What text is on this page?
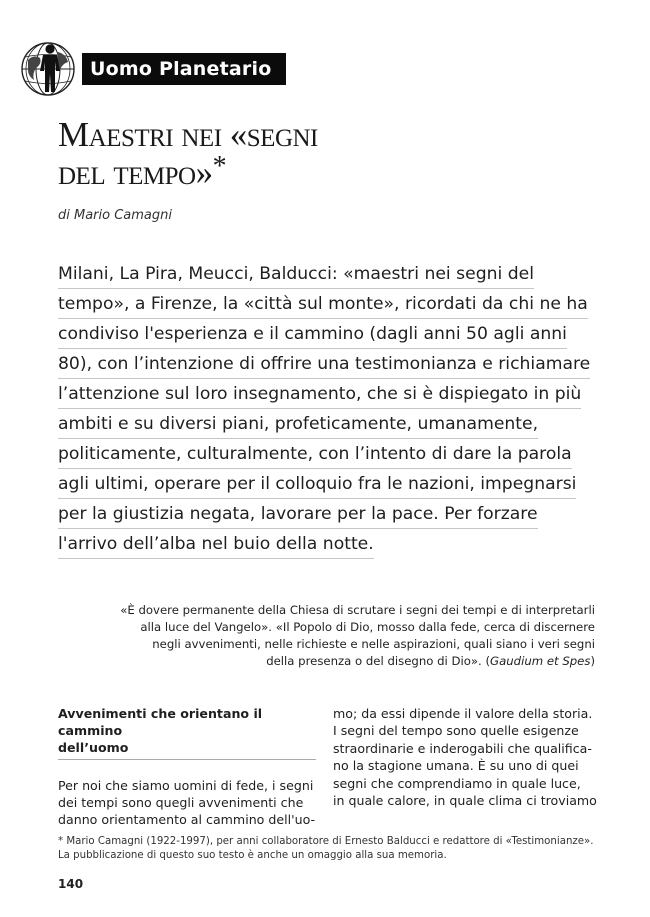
Uomo Planetario
Maestri nei «segni
del tempo»*
di Mario Camagni
Milani, La Pira, Meucci, Balducci: «maestri nei segni del
tempo», a Firenze, la «città sul monte», ricordati da chi ne ha
condiviso l'esperienza e il cammino (dagli anni 50 agli anni
80), con l’intenzione di offrire una testimonianza e richiamare
l’attenzione sul loro insegnamento, che si è dispiegato in più
ambiti e su diversi piani, profeticamente, umanamente,
politicamente, culturalmente, con l’intento di dare la parola
agli ultimi, operare per il colloquio fra le nazioni, impegnarsi
per la giustizia negata, lavorare per la pace. Per forzare
l'arrivo dell’alba nel buio della notte.

«È dovere permanente della Chiesa di scrutare i segni dei tempi e di interpretarli

alla luce del Vangelo». «Il Popolo di Dio, mosso dalla fede, cerca di discernere

negli avvenimenti, nelle richieste e nelle aspirazioni, quali siano i veri segni

della presenza o del disegno di Dio». (Gaudium et Spes)

Avvenimenti che orientano il cammino
dell’uomo

Per noi che siamo uomini di fede, i segni

dei tempi sono quegli avvenimenti che

danno orientamento al cammino dell'uo-

mo; da essi dipende il valore della storia.

I segni del tempo sono quelle esigenze

straordinarie e inderogabili che qualifica-

no la stagione umana. È su uno di quei

segni che comprendiamo in quale luce,

in quale calore, in quale clima ci troviamo

* Mario Camagni (1922-1997), per anni collaboratore di Ernesto Balducci e redattore di «Testimonianze».

La pubblicazione di questo suo testo è anche un omaggio alla sua memoria.

140
